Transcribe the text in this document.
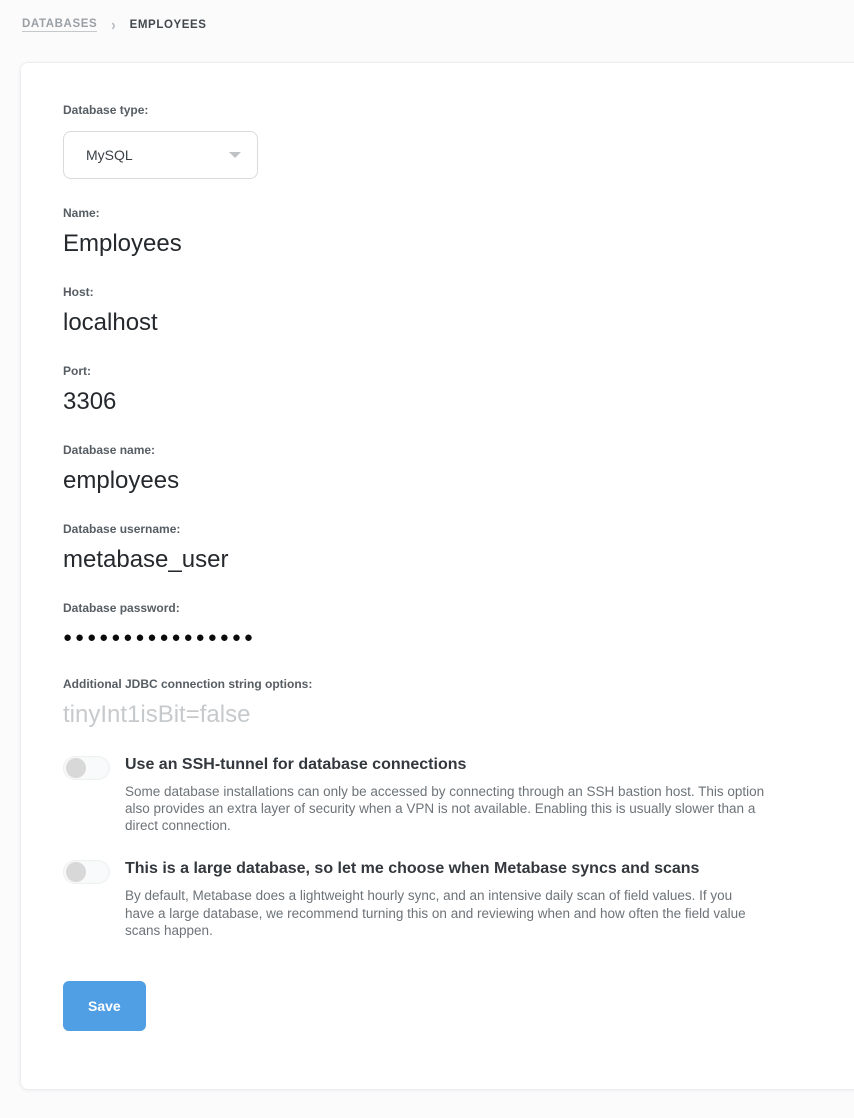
DATABASES › EMPLOYEES
Database type:
MySQL
Name:
Employees
Host:
localhost
Port:
3306
Database name:
employees
Database username:
metabase_user
Database password:
●●●●●●●●●●●●●●●●
Additional JDBC connection string options:
tinyInt1isBit=false
Use an SSH-tunnel for database connections
Some database installations can only be accessed by connecting through an SSH bastion host. This option also provides an extra layer of security when a VPN is not available. Enabling this is usually slower than a direct connection.
This is a large database, so let me choose when Metabase syncs and scans
By default, Metabase does a lightweight hourly sync, and an intensive daily scan of field values. If you have a large database, we recommend turning this on and reviewing when and how often the field value scans happen.
Save
